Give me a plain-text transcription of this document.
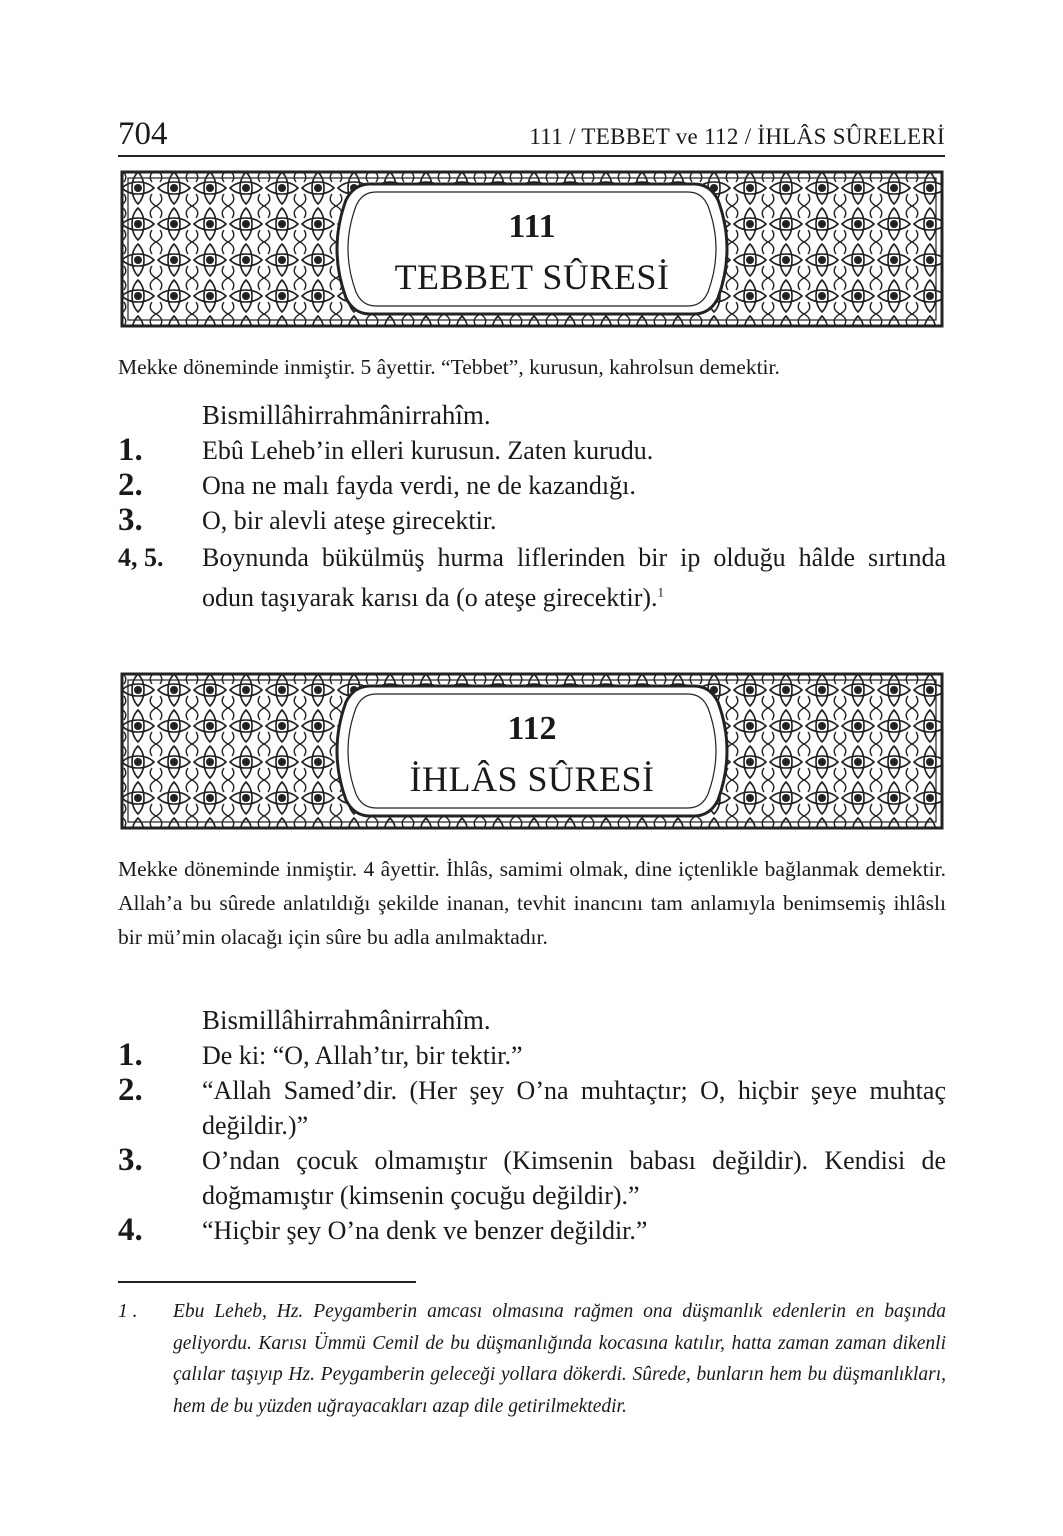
704	111 / TEBBET ve 112 / İHLÂS SÛRELERİ
111
TEBBET SÛRESİ
Mekke döneminde inmiştir. 5 âyettir. “Tebbet”, kurusun, kahrolsun demektir.
Bismillâhirrahmânirrahîm.
1. Ebû Leheb’in elleri kurusun. Zaten kurudu.
2. Ona ne malı fayda verdi, ne de kazandığı.
3. O, bir alevli ateşe girecektir.
4, 5. Boynunda bükülmüş hurma liflerinden bir ip olduğu hâlde sırtında odun taşıyarak karısı da (o ateşe girecektir).$^1$
112
İHLÂS SÛRESİ
Mekke döneminde inmiştir. 4 âyettir. İhlâs, samimi olmak, dine içtenlikle bağlanmak demektir. Allah’a bu sûrede anlatıldığı şekilde inanan, tevhit inancını tam anlamıyla benimsemiş ihlâslı bir mü’min olacağı için sûre bu adla anılmaktadır.
Bismillâhirrahmânirrahîm.
1. De ki: “O, Allah’tır, bir tektir.”
2. “Allah Samed’dir. (Her şey O’na muhtaçtır; O, hiçbir şeye muhtaç değildir.)”
3. O’ndan çocuk olmamıştır (Kimsenin babası değildir). Kendisi de doğmamıştır (kimsenin çocuğu değildir).”
4. “Hiçbir şey O’na denk ve benzer değildir.”
1 .	Ebu Leheb, Hz. Peygamberin amcası olmasına rağmen ona düşmanlık edenlerin en başında geliyordu. Karısı Ümmü Cemil de bu düşmanlığında kocasına katılır, hatta zaman zaman dikenli çalılar taşıyıp Hz. Peygamberin geleceği yollara dökerdi. Sûrede, bunların hem bu düşmanlıkları, hem de bu yüzden uğrayacakları azap dile getirilmektedir.
